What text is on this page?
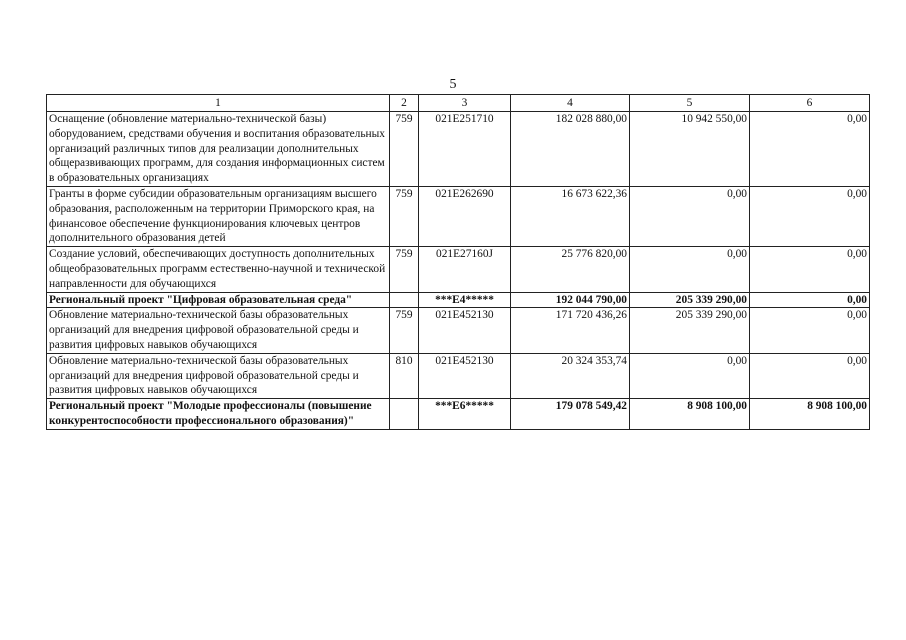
5
1	2	3	4	5	6
Оснащение (обновление материально-технической базы) оборудованием, средствами обучения и воспитания образовательных организаций различных типов для реализации дополнительных общеразвивающих программ, для создания информационных систем в образовательных организациях	759	021E251710	182 028 880,00	10 942 550,00	0,00
Гранты в форме субсидии образовательным организациям высшего образования, расположенным на территории Приморского края, на финансовое обеспечение функционирования ключевых центров дополнительного образования детей	759	021E262690	16 673 622,36	0,00	0,00
Создание условий, обеспечивающих доступность дополнительных общеобразовательных программ естественно-научной и технической направленности для обучающихся	759	021E27160J	25 776 820,00	0,00	0,00
Региональный проект "Цифровая образовательная среда"		***E4*****	192 044 790,00	205 339 290,00	0,00
Обновление материально-технической базы образовательных организаций для внедрения цифровой образовательной среды и развития цифровых навыков обучающихся	759	021E452130	171 720 436,26	205 339 290,00	0,00
Обновление материально-технической базы образовательных организаций для внедрения цифровой образовательной среды и развития цифровых навыков обучающихся	810	021E452130	20 324 353,74	0,00	0,00
Региональный проект "Молодые профессионалы (повышение конкурентоспособности профессионального образования)"		***E6*****	179 078 549,42	8 908 100,00	8 908 100,00
